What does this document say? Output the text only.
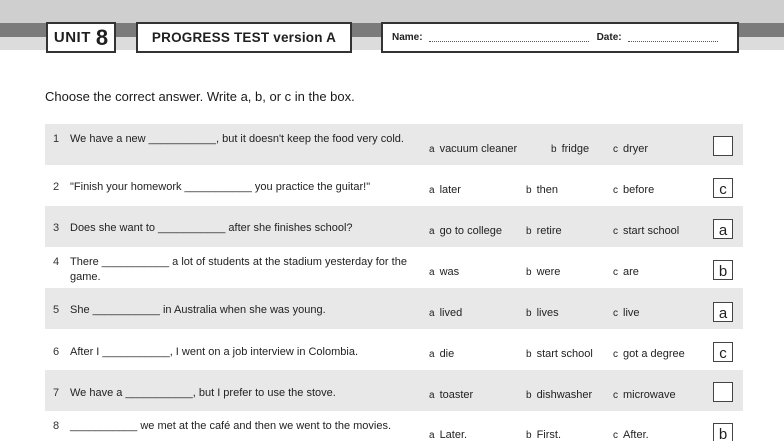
UNIT 8	PROGRESS TEST version A	Name:	Date:
Choose the correct answer. Write a, b, or c in the box.
1 We have a new ___________, but it doesn't keep the food very cold.
a vacuum cleaner	b fridge c dryer
2 "Finish your homework ___________ you practice the guitar!"	a later	b then	c before	c
3 Does she want to ___________ after she finishes school?	a go to college b retire	c start school	a
4 There ___________ a lot of students at the stadium yesterday for the game.	a was	b were	c are	b
5 She ___________ in Australia when she was young.	a lived	b lives	c live	a
6 After I ___________, I went on a job interview in Colombia.	a die	b start school c got a degree	c
7 We have a ___________, but I prefer to use the stove.	a toaster	b dishwasher c microwave
8 ___________ we met at the café and then we went to the movies.
a Later.	b First.	c After.	b
